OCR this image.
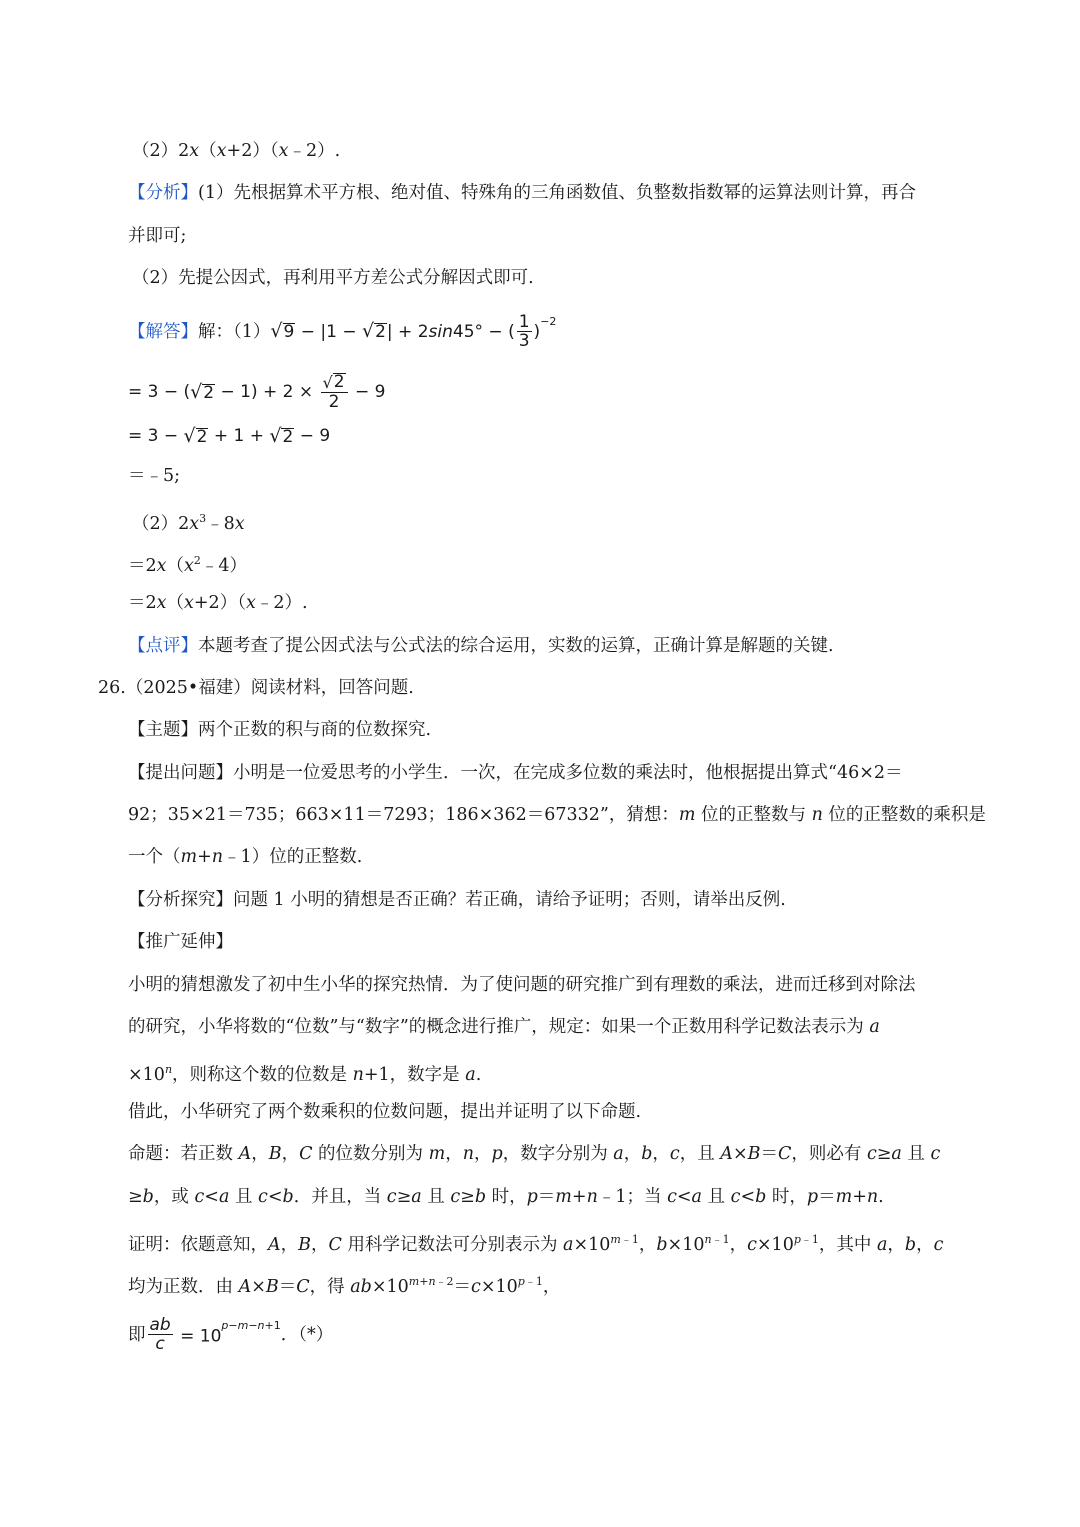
（2）2x（x+2）（x﹣2）.
【分析】(1）先根据算术平方根、绝对值、特殊角的三角函数值、负整数指数幂的运算法则计算，再合
并即可;
（2）先提公因式，再利用平方差公式分解因式即可.
【解答】 解：（1） √ 9 − |1 − √ 2 | + 2 sin 45° − ( $\frac{1}{3}$ )
$^{-2}$
= 3 − ( √ $2 - 1) + 2 \times \frac{√ 2}{2} - 9$
= 3 − √ 2 + 1 + √ 2 − 9
＝﹣5;
$(2)2x^3﹣8x$
$=2x(x^2﹣4)$
＝2x（x+2）（x﹣2）.
【点评】本题考查了提公因式法与公式法的综合运用，实数的运算，正确计算是解题的关键.
26.（2025•福建）阅读材料，回答问题.
【主题】两个正数的积与商的位数探究.
【提出问题】小明是一位爱思考的小学生．一次，在完成多位数的乘法时，他根据提出算式“46×2＝
92；35×21＝735；663×11＝7293；186×362＝67332”，猜想：m 位的正整数与 n 位的正整数的乘积是
一个（m+n﹣1）位的正整数.
【分析探究】问题 1 小明的猜想是否正确？若正确，请给予证明；否则，请举出反例.
【推广延伸】
小明的猜想激发了初中生小华的探究热情．为了使问题的研究推广到有理数的乘法，进而迁移到对除法
的研究，小华将数的“位数”与“数字”的概念进行推广，规定：如果一个正数用科学记数法表示为 a
$\times 10^n$，则称这个数的位数是 n+1，数字是 a.
借此，小华研究了两个数乘积的位数问题，提出并证明了以下命题.
命题：若正数 A，B，C 的位数分别为 m，n，p，数字分别为 a，b，c，且 A×B＝C，则必有 c≥a 且 c
≥b，或 c<a 且 c<b．并且，当 c≥a 且 c≥b 时，p＝m+n﹣1；当 c<a 且 c<b 时，p＝m+n.
证明：依题意知，A，B，C 用科学记数法可分别表示为 $a\times 10^{m﹣1}$，$b\times 10^{n﹣1}$，$c\times 10^{p﹣1}$，其中 a，b，c
均为正数．由 A×B＝C，得 $ab\times 10^{m+n﹣2}=c\times 10^{p﹣1}$，
即 $\frac{ab}{c} = 10^{p-m-n+1}$ ．（*）
